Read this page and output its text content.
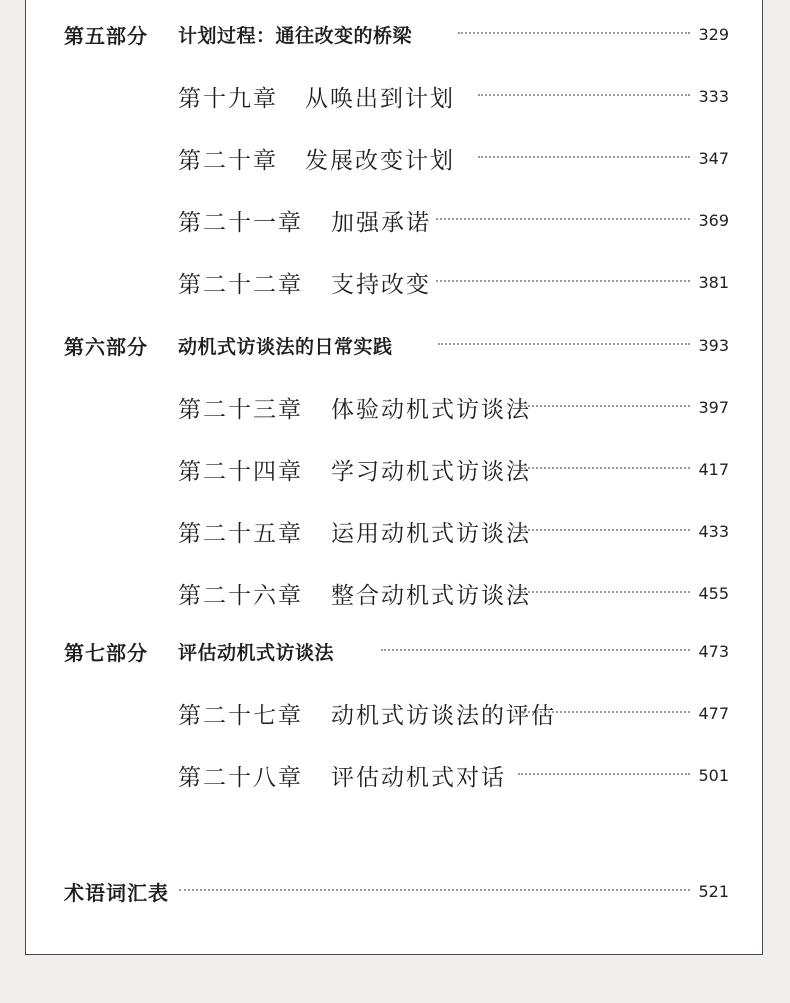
第五部分 计划过程：通往改变的桥梁	329
第十九章 从唤出到计划	333
第二十章 发展改变计划	347
第二十一章 加强承诺	369
第二十二章 支持改变	381
第六部分 动机式访谈法的日常实践	393
第二十三章 体验动机式访谈法	397
第二十四章 学习动机式访谈法	417
第二十五章 运用动机式访谈法	433
第二十六章 整合动机式访谈法	455
第七部分 评估动机式访谈法	473
第二十七章 动机式访谈法的评估	477
第二十八章 评估动机式对话	501
术语词汇表	521
